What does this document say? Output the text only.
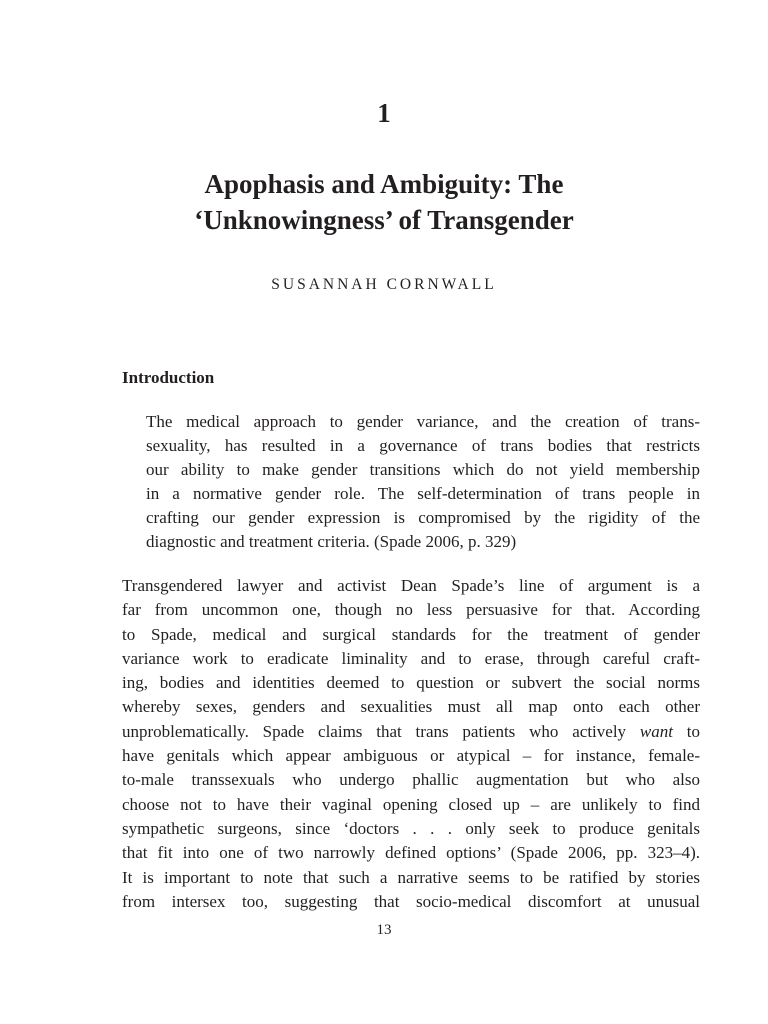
1
Apophasis and Ambiguity: The
‘Unknowingness’ of Transgender
SUSANNAH CORNWALL
Introduction
The medical approach to gender variance, and the creation of trans-
sexuality, has resulted in a governance of trans bodies that restricts
our ability to make gender transitions which do not yield membership
in a normative gender role. The self-determination of trans people in
crafting our gender expression is compromised by the rigidity of the
diagnostic and treatment criteria. (Spade 2006, p. 329)
Transgendered lawyer and activist Dean Spade’s line of argument is a
far from uncommon one, though no less persuasive for that. According
to Spade, medical and surgical standards for the treatment of gender
variance work to eradicate liminality and to erase, through careful craft-
ing, bodies and identities deemed to question or subvert the social norms
whereby sexes, genders and sexualities must all map onto each other
unproblematically. Spade claims that trans patients who actively want to
have genitals which appear ambiguous or atypical – for instance, female-
to-male transsexuals who undergo phallic augmentation but who also
choose not to have their vaginal opening closed up – are unlikely to find
sympathetic surgeons, since ‘doctors . . . only seek to produce genitals
that fit into one of two narrowly defined options’ (Spade 2006, pp. 323–4).
It is important to note that such a narrative seems to be ratified by stories
from intersex too, suggesting that socio-medical discomfort at unusual
13
